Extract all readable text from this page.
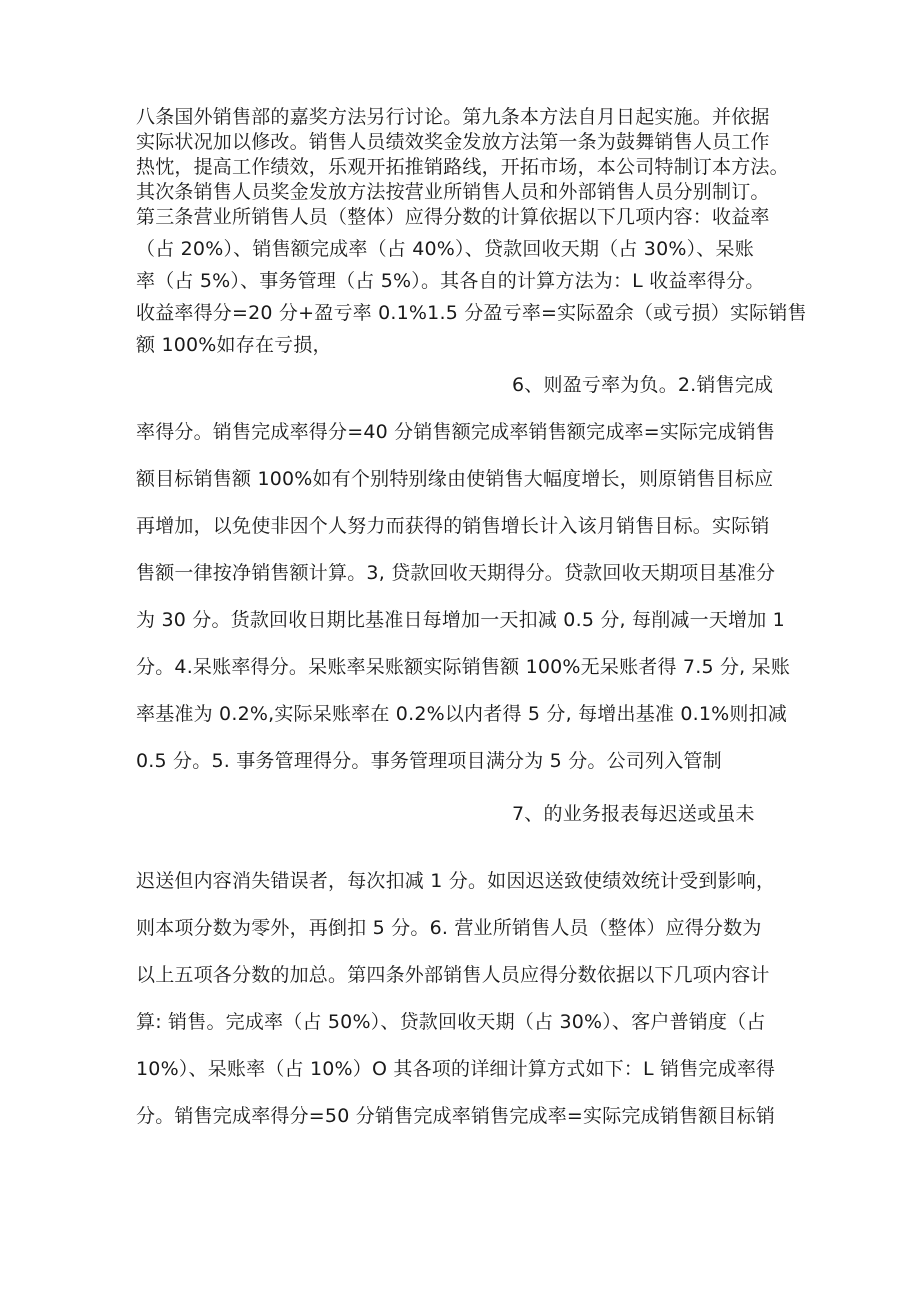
八条国外销售部的嘉奖方法另行讨论。第九条本方法自月日起实施。并依据
实际状况加以修改。销售人员绩效奖金发放方法第一条为鼓舞销售人员工作
热忱，提高工作绩效，乐观开拓推销路线，开拓市场，本公司特制订本方法。
其次条销售人员奖金发放方法按营业所销售人员和外部销售人员分别制订。
第三条营业所销售人员（整体）应得分数的计算依据以下几项内容：收益率
（占 20%）、销售额完成率（占 40%）、贷款回收天期（占 30%）、呆账
率（占 5%）、事务管理（占 5%）。其各自的计算方法为：L 收益率得分。
收益率得分=20 分+盈亏率 0.1%1.5 分盈亏率=实际盈余（或亏损）实际销售
额 100%如存在亏损，
6、则盈亏率为负。2.销售完成
率得分。销售完成率得分=40 分销售额完成率销售额完成率=实际完成销售
额目标销售额 100%如有个别特别缘由使销售大幅度增长，则原销售目标应
再增加，以免使非因个人努力而获得的销售增长计入该月销售目标。实际销
售额一律按净销售额计算。3, 贷款回收天期得分。贷款回收天期项目基准分
为 30 分。货款回收日期比基准日每增加一天扣减 0.5 分, 每削减一天增加 1
分。4.呆账率得分。呆账率呆账额实际销售额 100%无呆账者得 7.5 分, 呆账
率基准为 0.2%,实际呆账率在 0.2%以内者得 5 分, 每增出基准 0.1%则扣减
0.5 分。5. 事务管理得分。事务管理项目满分为 5 分。公司列入管制
7、的业务报表每迟送或虽未
迟送但内容消失错误者，每次扣减 1 分。如因迟送致使绩效统计受到影响，
则本项分数为零外，再倒扣 5 分。6. 营业所销售人员（整体）应得分数为
以上五项各分数的加总。第四条外部销售人员应得分数依据以下几项内容计
算: 销售。完成率（占 50%）、贷款回收天期（占 30%）、客户普销度（占
10%）、呆账率（占 10%）O 其各项的详细计算方式如下：L 销售完成率得
分。销售完成率得分=50 分销售完成率销售完成率=实际完成销售额目标销
